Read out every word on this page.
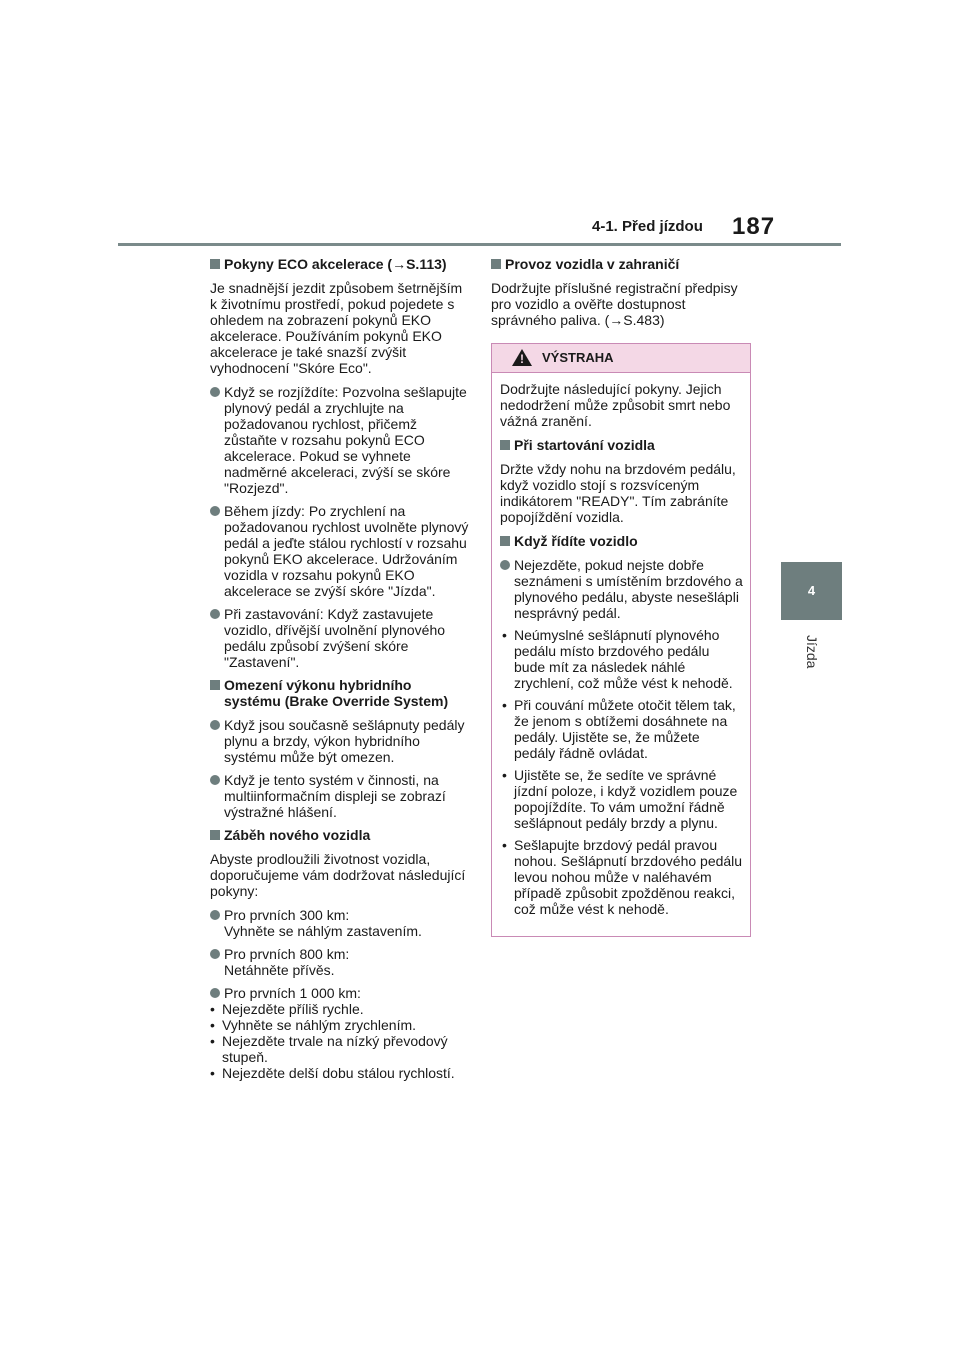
4-1. Před jízdou 187
4
Jízda
Pokyny ECO akcelerace (→S.113)

Je snadnější jezdit způsobem šetrnějším k životnímu prostředí, pokud pojedete s ohledem na zobrazení pokynů EKO akcelerace. Používáním pokynů EKO akcelerace je také snazší zvýšit vyhodnocení "Skóre Eco".

Když se rozjíždíte: Pozvolna sešlapujte plynový pedál a zrychlujte na požadovanou rychlost, přičemž zůstaňte v rozsahu pokynů ECO akcelerace. Pokud se vyhnete nadměrné akceleraci, zvýší se skóre "Rozjezd".
Během jízdy: Po zrychlení na požadovanou rychlost uvolněte plynový pedál a jeďte stálou rychlostí v rozsahu pokynů EKO akcelerace. Udržováním vozidla v rozsahu pokynů EKO akcelerace se zvýší skóre "Jízda".
Při zastavování: Když zastavujete vozidlo, dřívější uvolnění plynového pedálu způsobí zvýšení skóre "Zastavení".
Omezení výkonu hybridního systému (Brake Override System)
Když jsou současně sešlápnuty pedály plynu a brzdy, výkon hybridního systému může být omezen.
Když je tento systém v činnosti, na multiinformačním displeji se zobrazí výstražné hlášení.
Záběh nového vozidla

Abyste prodloužili životnost vozidla, doporučujeme vám dodržovat následující pokyny:

Pro prvních 300 km:
Vyhněte se náhlým zastavením.
Pro prvních 800 km:
Netáhněte přívěs.
Pro prvních 1 000 km:
• Nejezděte příliš rychle.
• Vyhněte se náhlým zrychlením.
• Nejezděte trvale na nízký převodový stupeň.
• Nejezděte delší dobu stálou rychlostí.
Provoz vozidla v zahraničí

Dodržujte příslušné registrační předpisy pro vozidlo a ověřte dostupnost správného paliva. (→S.483)

! VÝSTRAHA

Dodržujte následující pokyny. Jejich nedodržení může způsobit smrt nebo vážná zranění.

Při startování vozidla

Držte vždy nohu na brzdovém pedálu, když vozidlo stojí s rozsvíceným indikátorem "READY". Tím zabráníte popojíždění vozidla.

Když řídíte vozidlo
Nejezděte, pokud nejste dobře seznámeni s umístěním brzdového a plynového pedálu, abyste nesešlápli nesprávný pedál.
• Neúmyslné sešlápnutí plynového pedálu místo brzdového pedálu bude mít za následek náhlé zrychlení, což může vést k nehodě.
• Při couvání můžete otočit tělem tak, že jenom s obtížemi dosáhnete na pedály. Ujistěte se, že můžete pedály řádně ovládat.
• Ujistěte se, že sedíte ve správné jízdní poloze, i když vozidlem pouze popojíždíte. To vám umožní řádně sešlápnout pedály brzdy a plynu.
• Sešlapujte brzdový pedál pravou nohou. Sešlápnutí brzdového pedálu levou nohou může v naléhavém případě způsobit zpožděnou reakci, což může vést k nehodě.
